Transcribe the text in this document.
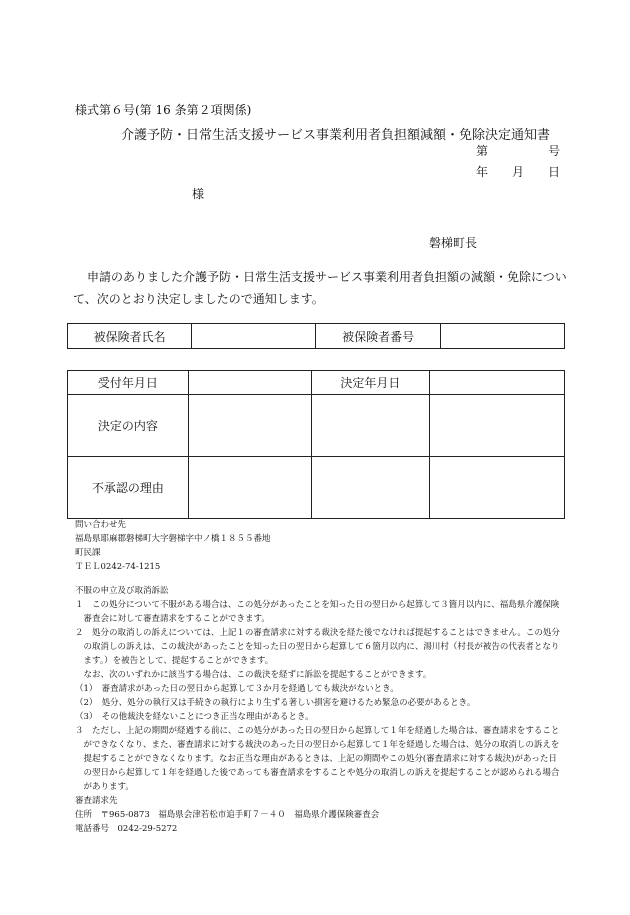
様式第６号(第 16 条第２項関係)
介護予防・日常生活支援サービス事業利用者負担額減額・免除決定通知書
第	号
年 月 日
様
磐梯町長
申請のありました介護予防・日常生活支援サービス事業利用者負担額の減額・免除につい
て、次のとおり決定しましたので通知します。
被保険者氏名		被保険者番号	
受付年月日		決定年月日	
決定の内容			
不承認の理由			
問い合わせ先
福島県耶麻郡磐梯町大字磐梯字中ノ橋１８５５番地
町民課
ＴＥＬ0242-74-1215
不服の申立及び取消訴訟
１　この処分について不服がある場合は、この処分があったことを知った日の翌日から起算して３箇月以内に、福島県介護保険
　審査会に対して審査請求をすることができます。
２　処分の取消しの訴えについては、上記１の審査請求に対する裁決を経た後でなければ提起することはできません。この処分
　の取消しの訴えは、この裁決があったことを知った日の翌日から起算して６箇月以内に、湯川村（村長が被告の代表者となり
　ます。）を被告として、提起することができます。
　なお、次のいずれかに該当する場合は、この裁決を経ずに訴訟を提起することができます。
（1）　審査請求があった日の翌日から起算して３か月を経過しても裁決がないとき。
（2）　処分、処分の執行又は手続きの執行により生ずる著しい損害を避けるため緊急の必要があるとき。
（3）　その他裁決を経ないことにつき正当な理由があるとき。
３　ただし、上記の期間が経過する前に、この処分があった日の翌日から起算して１年を経過した場合は、審査請求をすること
　ができなくなり、また、審査請求に対する裁決のあった日の翌日から起算して１年を経過した場合は、処分の取消しの訴えを
　提起することができなくなります。なお正当な理由があるときは、上記の期間やこの処分(審査請求に対する裁決)があった日
　の翌日から起算して１年を経過した後であっても審査請求をすることや処分の取消しの訴えを提起することが認められる場合
　があります。
審査請求先
住所　〒965-0873　福島県会津若松市追手町７－４０　福島県介護保険審査会
電話番号　0242-29-5272
